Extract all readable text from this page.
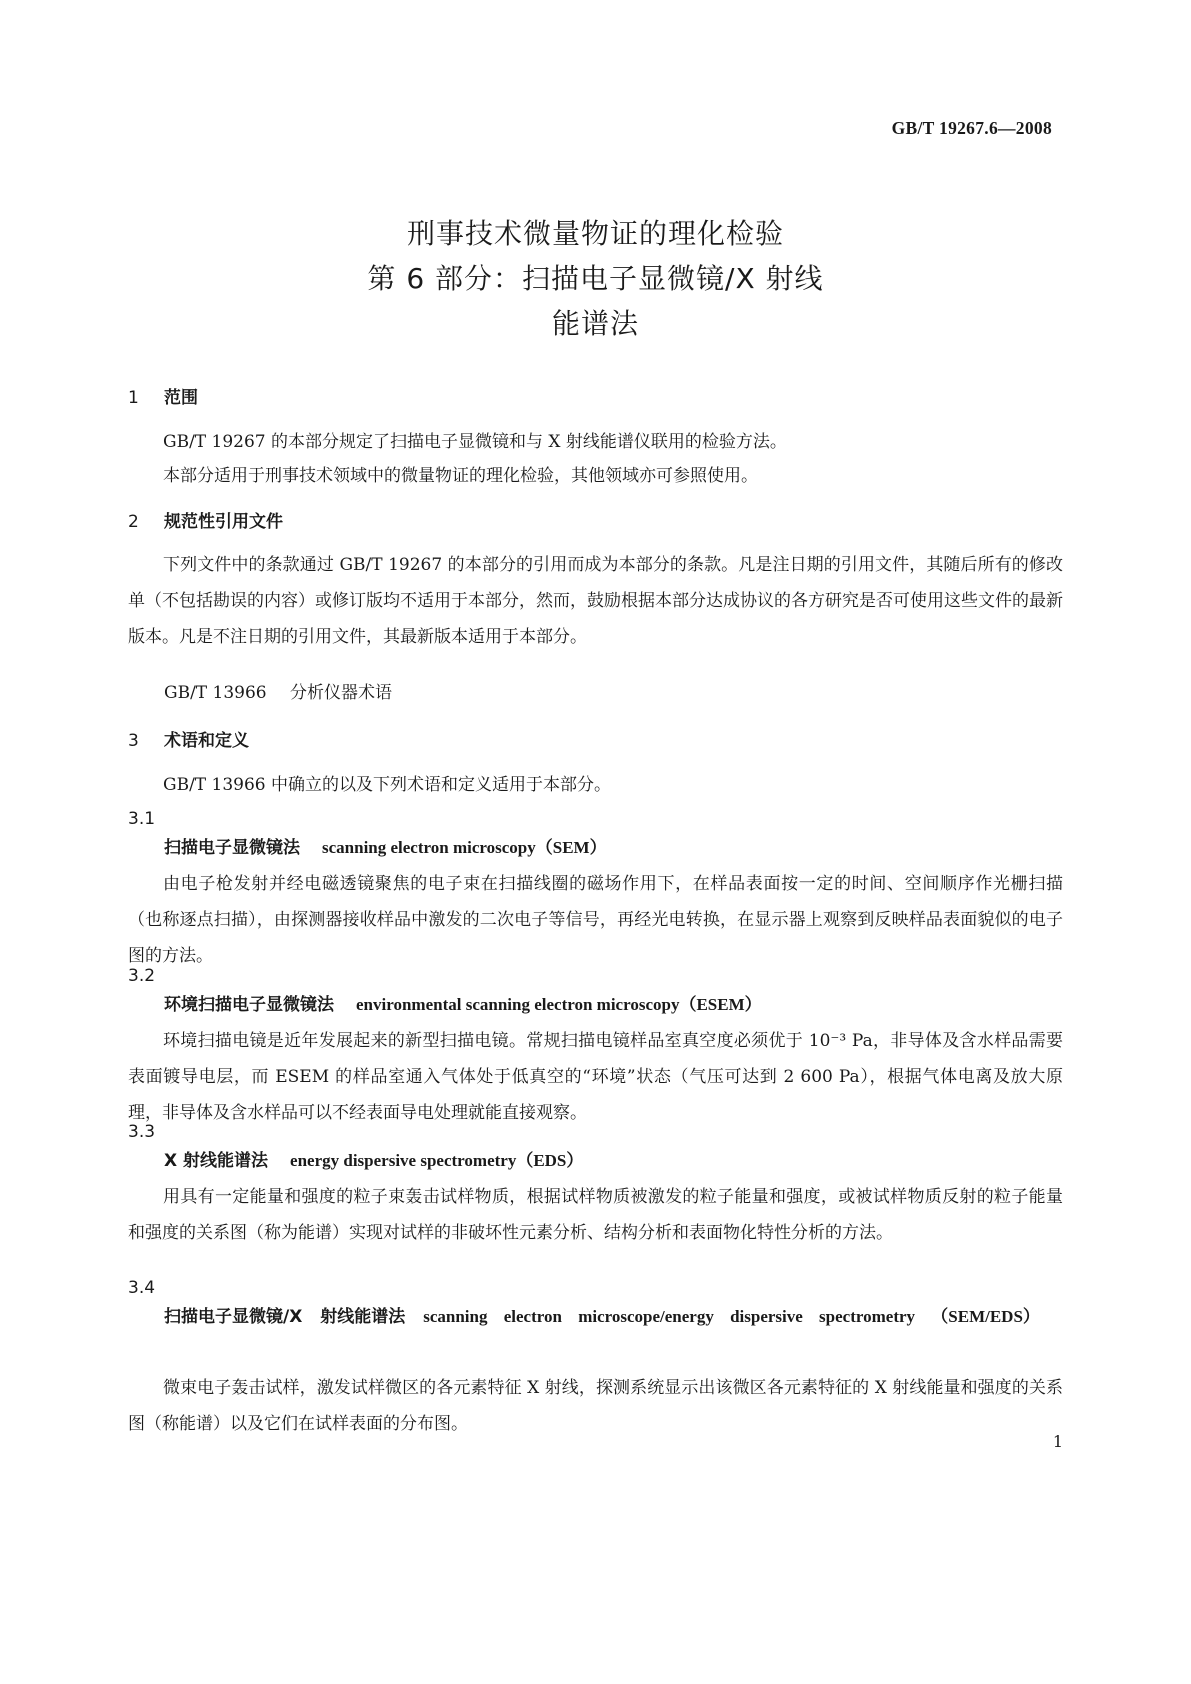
GB/T 19267.6—2008
刑事技术微量物证的理化检验
第 6 部分：扫描电子显微镜/X 射线
能谱法
1 范围
GB/T 19267 的本部分规定了扫描电子显微镜和与 X 射线能谱仪联用的检验方法。
本部分适用于刑事技术领域中的微量物证的理化检验，其他领域亦可参照使用。
2 规范性引用文件
下列文件中的条款通过 GB/T 19267 的本部分的引用而成为本部分的条款。凡是注日期的引用文件，其随后所有的修改单（不包括勘误的内容）或修订版均不适用于本部分，然而，鼓励根据本部分达成协议的各方研究是否可使用这些文件的最新版本。凡是不注日期的引用文件，其最新版本适用于本部分。
GB/T 13966 分析仪器术语
3 术语和定义
GB/T 13966 中确立的以及下列术语和定义适用于本部分。
3.1
扫描电子显微镜法 scanning electron microscopy（SEM）
由电子枪发射并经电磁透镜聚焦的电子束在扫描线圈的磁场作用下，在样品表面按一定的时间、空间顺序作光栅扫描（也称逐点扫描），由探测器接收样品中激发的二次电子等信号，再经光电转换，在显示器上观察到反映样品表面貌似的电子图的方法。
3.2
环境扫描电子显微镜法 environmental scanning electron microscopy（ESEM）
环境扫描电镜是近年发展起来的新型扫描电镜。常规扫描电镜样品室真空度必须优于 10⁻³ Pa，非导体及含水样品需要表面镀导电层，而 ESEM 的样品室通入气体处于低真空的“环境”状态（气压可达到 2 600 Pa），根据气体电离及放大原理，非导体及含水样品可以不经表面导电处理就能直接观察。
3.3
X 射线能谱法 energy dispersive spectrometry（EDS）
用具有一定能量和强度的粒子束轰击试样物质，根据试样物质被激发的粒子能量和强度，或被试样物质反射的粒子能量和强度的关系图（称为能谱）实现对试样的非破坏性元素分析、结构分析和表面物化特性分析的方法。
3.4
扫描电子显微镜/X 射线能谱法 scanning electron microscope/energy dispersive spectrometry （SEM/EDS）
微束电子轰击试样，激发试样微区的各元素特征 X 射线，探测系统显示出该微区各元素特征的 X 射线能量和强度的关系图（称能谱）以及它们在试样表面的分布图。
1
